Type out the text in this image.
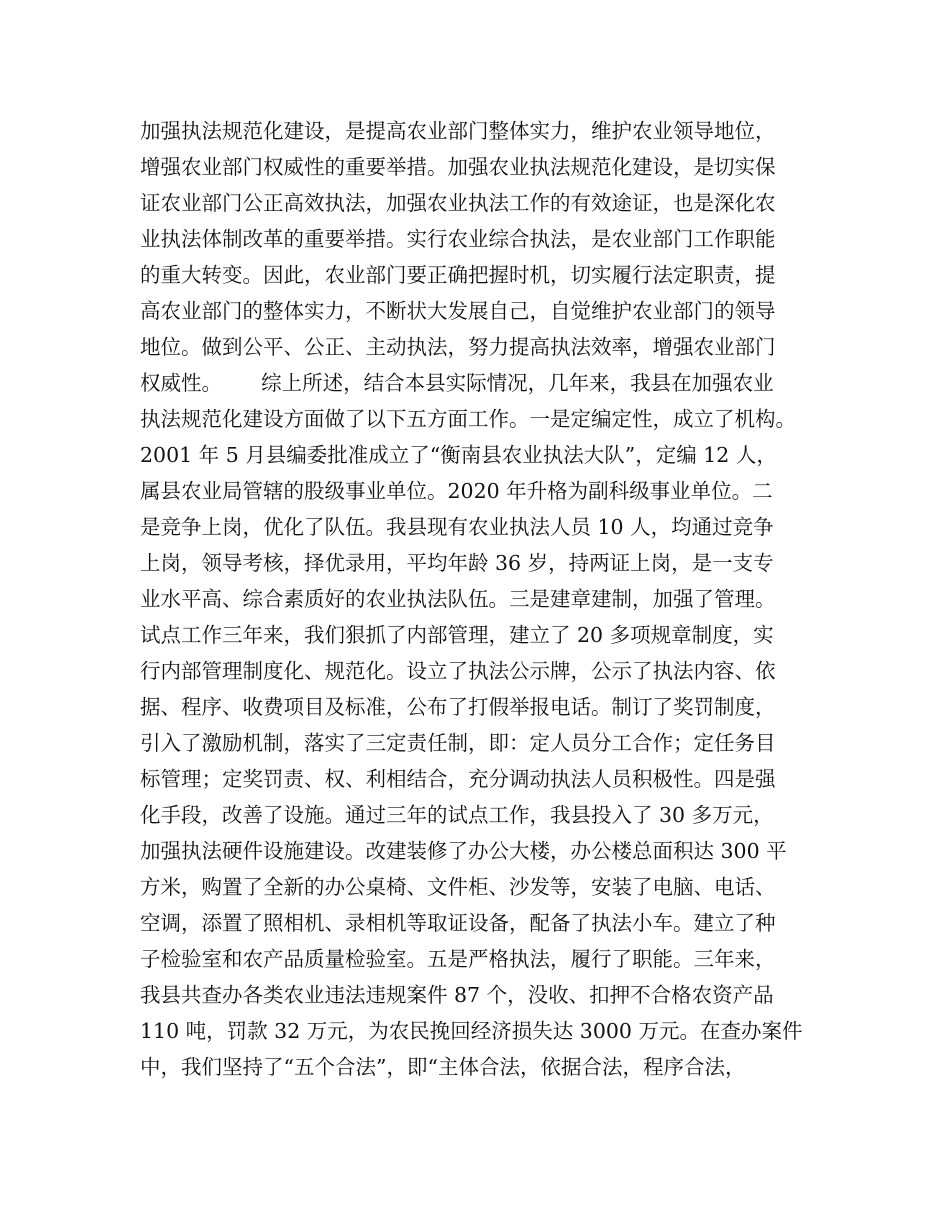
加强执法规范化建设，是提高农业部门整体实力，维护农业领导地位，
增强农业部门权威性的重要举措。加强农业执法规范化建设，是切实保
证农业部门公正高效执法，加强农业执法工作的有效途证，也是深化农
业执法体制改革的重要举措。实行农业综合执法，是农业部门工作职能
的重大转变。因此，农业部门要正确把握时机，切实履行法定职责，提
高农业部门的整体实力，不断状大发展自己，自觉维护农业部门的领导
地位。做到公平、公正、主动执法，努力提高执法效率，增强农业部门
权威性。      综上所述，结合本县实际情况，几年来，我县在加强农业
执法规范化建设方面做了以下五方面工作。一是定编定性，成立了机构。
2001 年 5 月县编委批准成立了“衡南县农业执法大队”，定编 12 人，
属县农业局管辖的股级事业单位。2020 年升格为副科级事业单位。二
是竞争上岗，优化了队伍。我县现有农业执法人员 10 人，均通过竞争
上岗，领导考核，择优录用，平均年龄 36 岁，持两证上岗，是一支专
业水平高、综合素质好的农业执法队伍。三是建章建制，加强了管理。
试点工作三年来，我们狠抓了内部管理，建立了 20 多项规章制度，实
行内部管理制度化、规范化。设立了执法公示牌，公示了执法内容、依
据、程序、收费项目及标准，公布了打假举报电话。制订了奖罚制度，
引入了激励机制，落实了三定责任制，即：定人员分工合作；定任务目
标管理；定奖罚责、权、利相结合，充分调动执法人员积极性。四是强
化手段，改善了设施。通过三年的试点工作，我县投入了 30 多万元，
加强执法硬件设施建设。改建装修了办公大楼，办公楼总面积达 300 平
方米，购置了全新的办公桌椅、文件柜、沙发等，安装了电脑、电话、
空调，添置了照相机、录相机等取证设备，配备了执法小车。建立了种
子检验室和农产品质量检验室。五是严格执法，履行了职能。三年来，
我县共查办各类农业违法违规案件 87 个，没收、扣押不合格农资产品
110 吨，罚款 32 万元，为农民挽回经济损失达 3000 万元。在查办案件
中，我们坚持了“五个合法”，即“主体合法，依据合法，程序合法，
